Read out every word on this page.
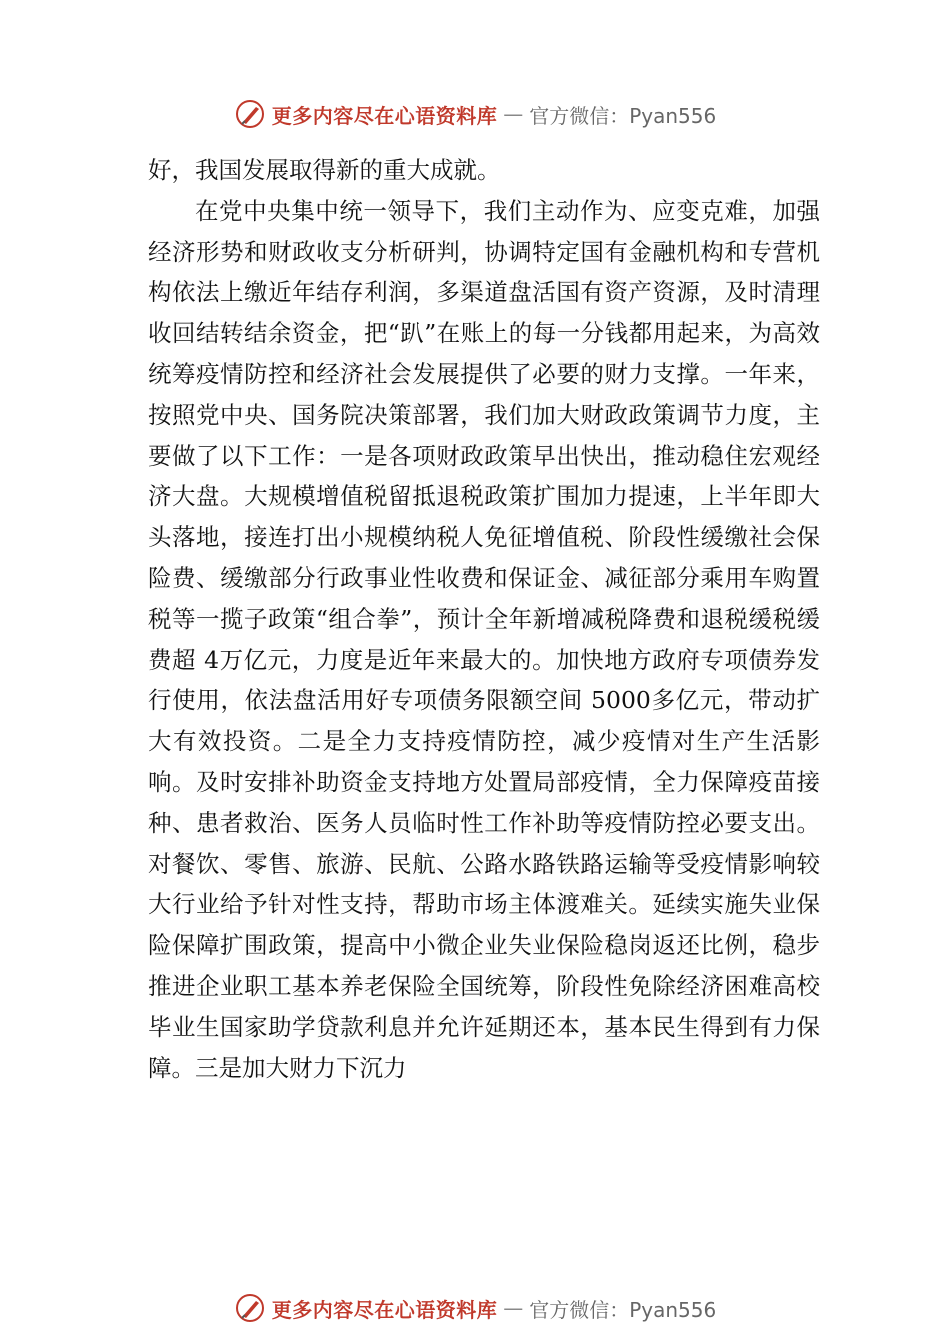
更多内容尽在心语资料库 — 官方微信：Pyan556

好，我国发展取得新的重大成就。

在党中央集中统一领导下，我们主动作为、应变克难，加强经济形势和财政收支分析研判，协调特定国有金融机构和专营机构依法上缴近年结存利润，多渠道盘活国有资产资源，及时清理收回结转结余资金，把“趴”在账上的每一分钱都用起来，为高效统筹疫情防控和经济社会发展提供了必要的财力支撑。一年来，按照党中央、国务院决策部署，我们加大财政政策调节力度，主要做了以下工作：一是各项财政政策早出快出，推动稳住宏观经济大盘。大规模增值税留抵退税政策扩围加力提速，上半年即大头落地，接连打出小规模纳税人免征增值税、阶段性缓缴社会保险费、缓缴部分行政事业性收费和保证金、减征部分乘用车购置税等一揽子政策“组合拳”，预计全年新增减税降费和退税缓税缓费超 4万亿元，力度是近年来最大的。加快地方政府专项债券发行使用，依法盘活用好专项债务限额空间 5000多亿元，带动扩大有效投资。二是全力支持疫情防控，减少疫情对生产生活影响。及时安排补助资金支持地方处置局部疫情，全力保障疫苗接种、患者救治、医务人员临时性工作补助等疫情防控必要支出。对餐饮、零售、旅游、民航、公路水路铁路运输等受疫情影响较大行业给予针对性支持，帮助市场主体渡难关。延续实施失业保险保障扩围政策，提高中小微企业失业保险稳岗返还比例，稳步推进企业职工基本养老保险全国统筹，阶段性免除经济困难高校毕业生国家助学贷款利息并允许延期还本，基本民生得到有力保障。三是加大财力下沉力

更多内容尽在心语资料库 — 官方微信：Pyan556
